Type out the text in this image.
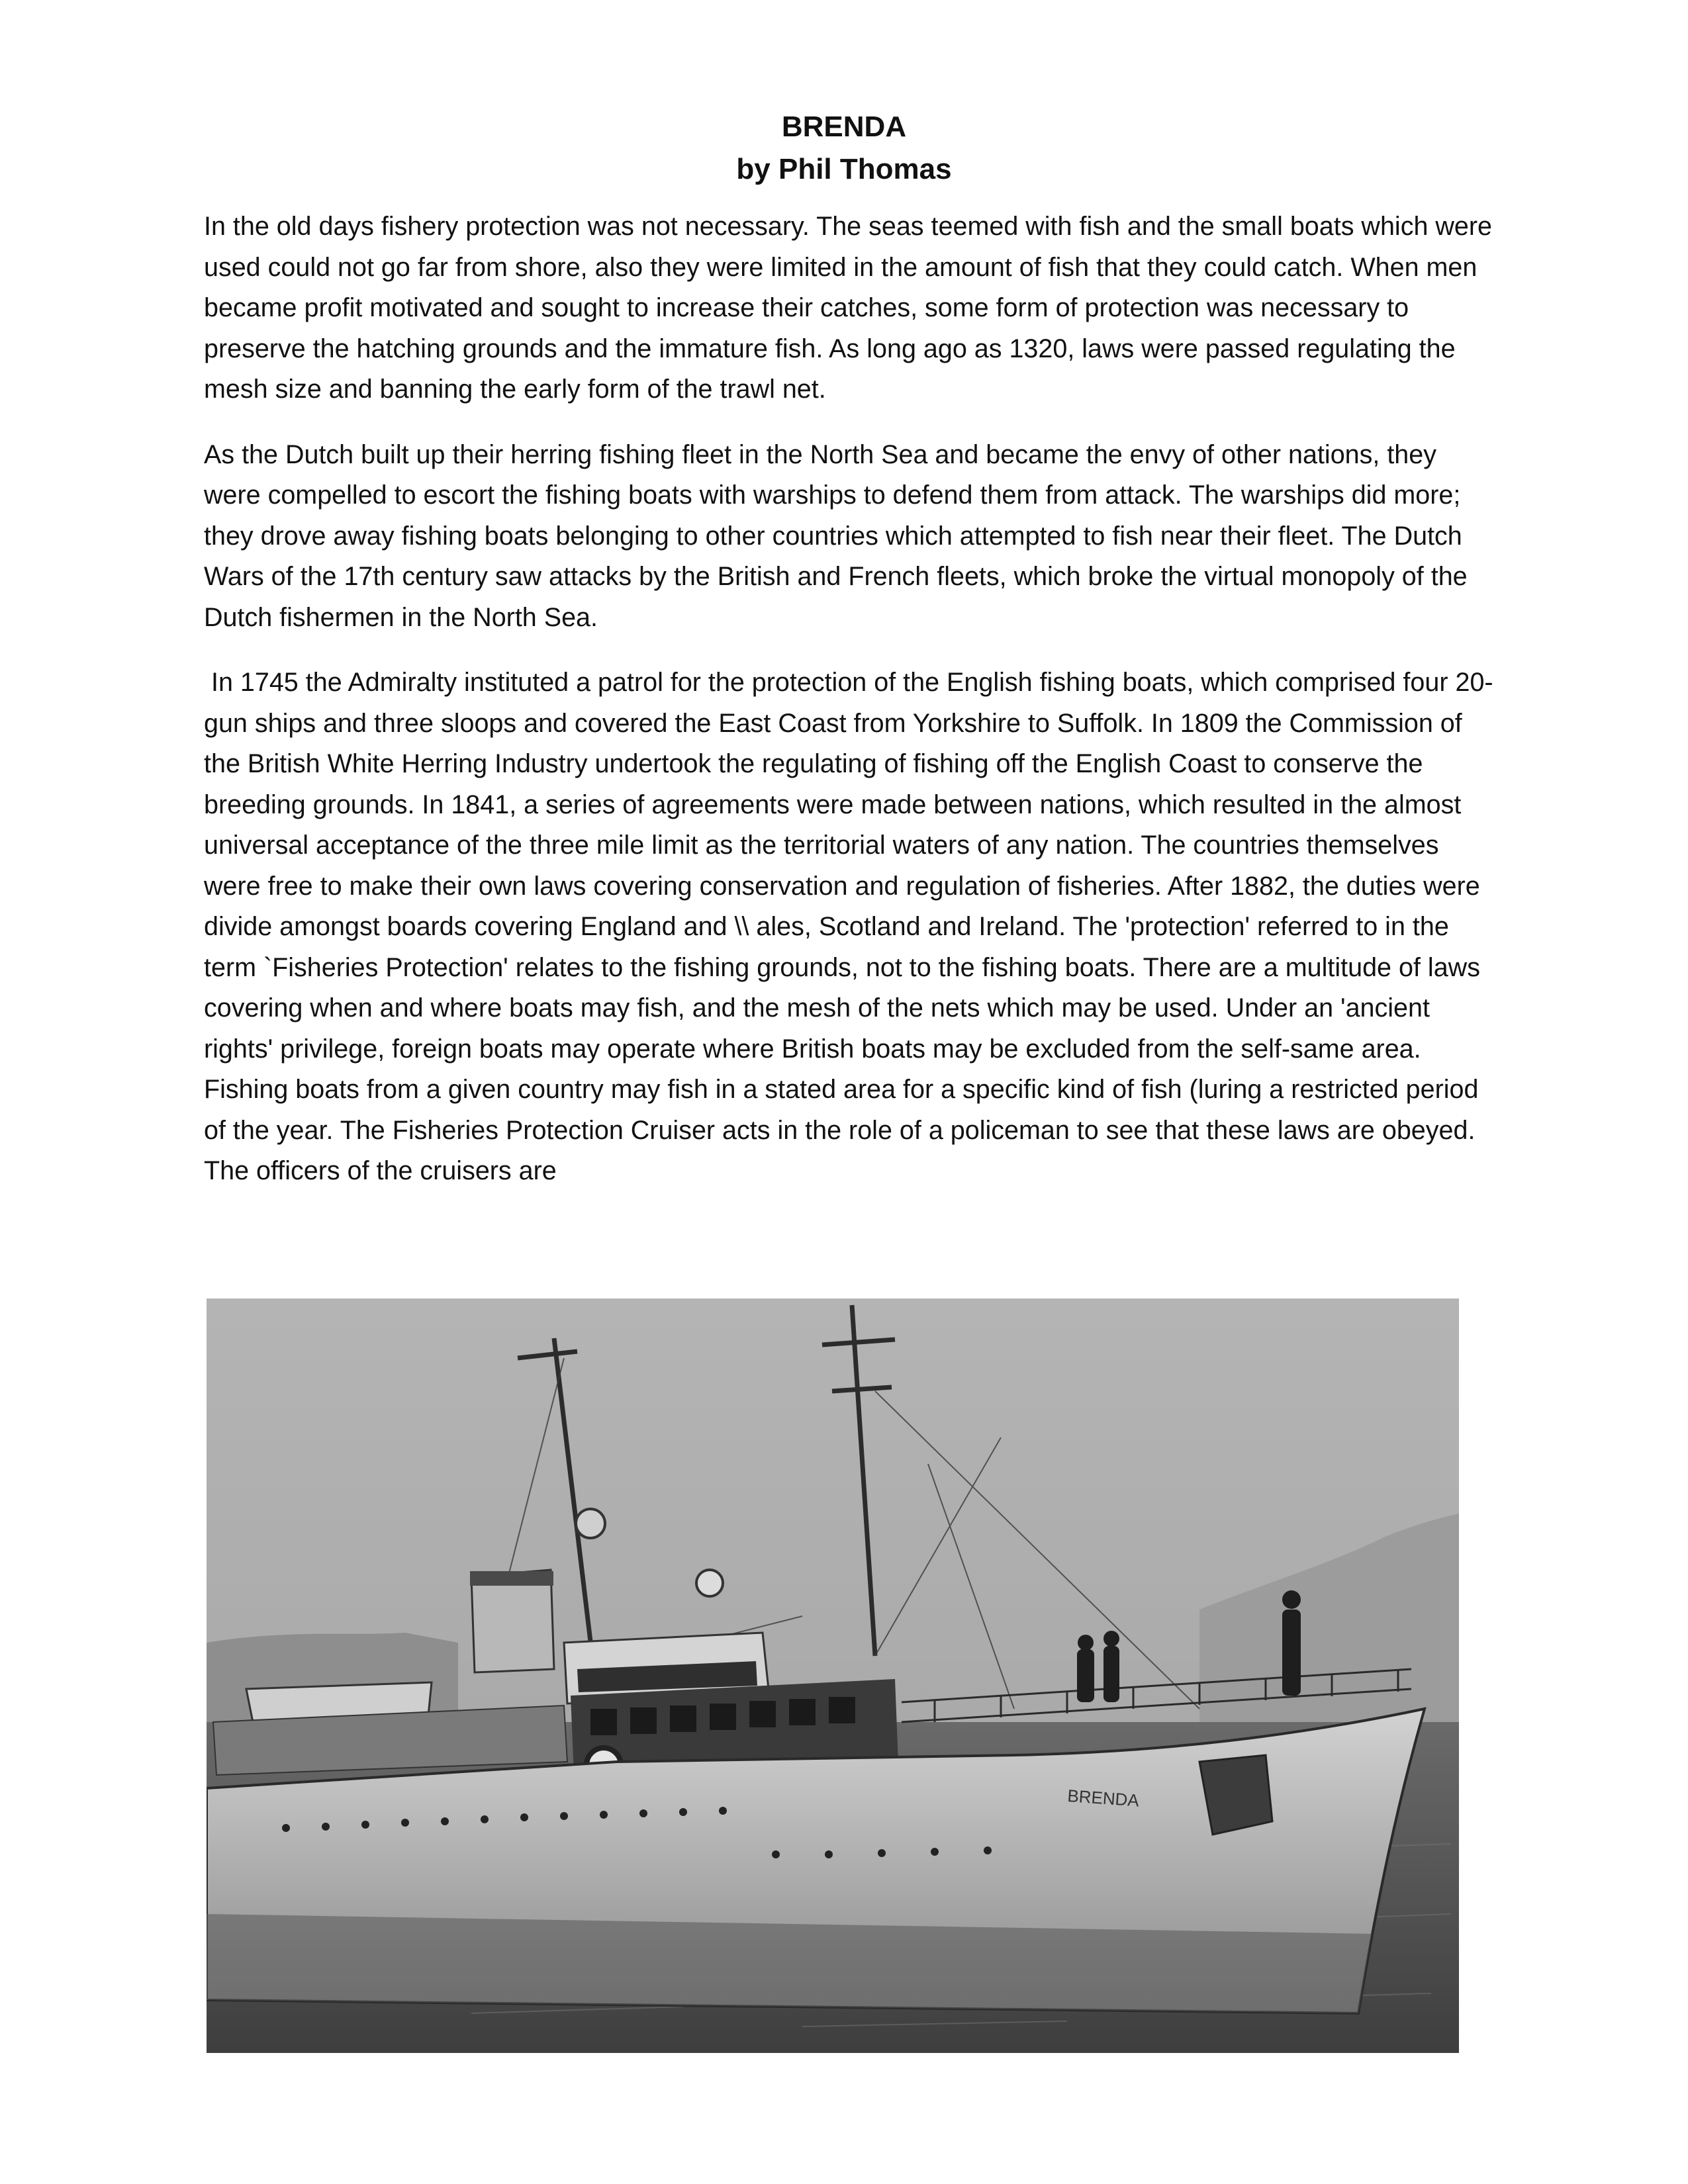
BRENDA

by Phil Thomas

In the old days fishery protection was not necessary. The seas teemed with fish and the small boats which were used could not go far from shore, also they were limited in the amount of fish that they could catch. When men became profit motivated and sought to increase their catches, some form of protection was necessary to preserve the hatching grounds and the immature fish. As long ago as 1320, laws were passed regulating the mesh size and banning the early form of the trawl net.

As the Dutch built up their herring fishing fleet in the North Sea and became the envy of other nations, they were compelled to escort the fishing boats with warships to defend them from attack. The warships did more; they drove away fishing boats belonging to other countries which attempted to fish near their fleet. The Dutch Wars of the 17th century saw attacks by the British and French fleets, which broke the virtual monopoly of the Dutch fishermen in the North Sea.

In 1745 the Admiralty instituted a patrol for the protection of the English fishing boats, which comprised four 20-gun ships and three sloops and covered the East Coast from Yorkshire to Suffolk. In 1809 the Commission of the British White Herring Industry undertook the regulating of fishing off the English Coast to conserve the breeding grounds. In 1841, a series of agreements were made between nations, which resulted in the almost universal acceptance of the three mile limit as the territorial waters of any nation. The countries themselves were free to make their own laws covering conservation and regulation of fisheries. After 1882, the duties were divide amongst boards covering England and \\ ales, Scotland and Ireland. The 'protection' referred to in the term `Fisheries Protection' relates to the fishing grounds, not to the fishing boats. There are a multitude of laws covering when and where boats may fish, and the mesh of the nets which may be used. Under an 'ancient rights' privilege, foreign boats may operate where British boats may be excluded from the self-same area. Fishing boats from a given country may fish in a stated area for a specific kind of fish (luring a restricted period of the year. The Fisheries Protection Cruiser acts in the role of a policeman to see that these laws are obeyed. The officers of the cruisers are

BRENDA
